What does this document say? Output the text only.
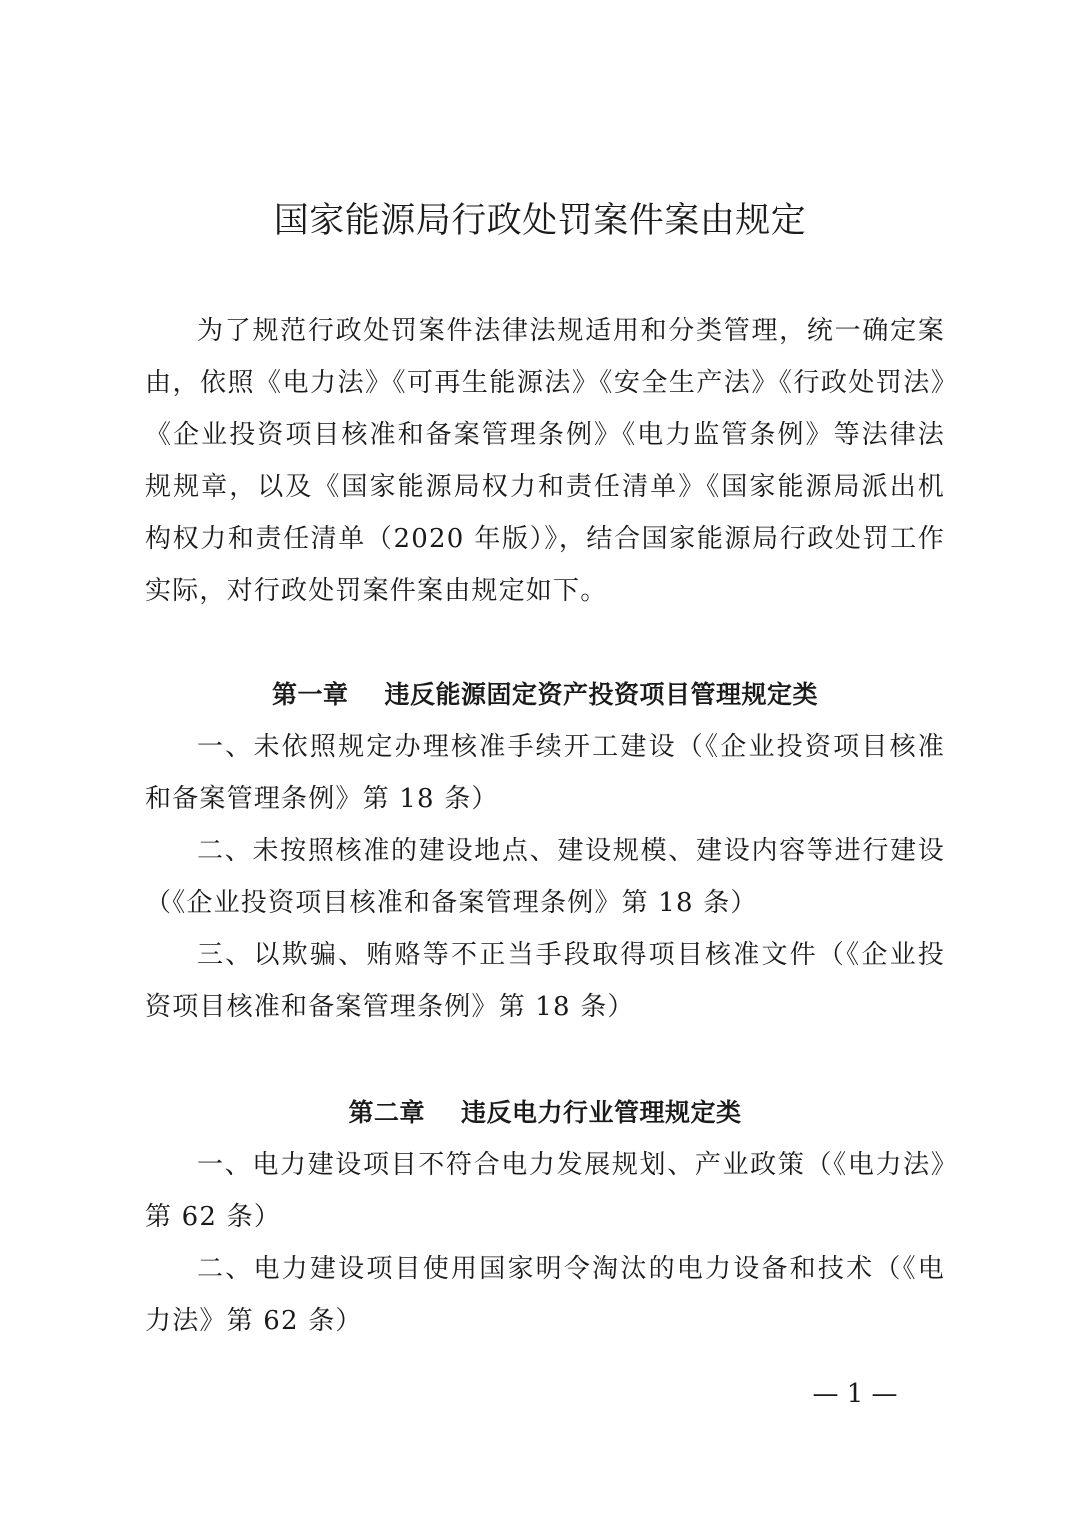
国家能源局行政处罚案件案由规定

为了规范行政处罚案件法律法规适用和分类管理，统一确定案由，依照《电力法》《可再生能源法》《安全生产法》《行政处罚法》《企业投资项目核准和备案管理条例》《电力监管条例》等法律法规规章，以及《国家能源局权力和责任清单》《国家能源局派出机构权力和责任清单（2020 年版）》，结合国家能源局行政处罚工作实际，对行政处罚案件案由规定如下。

第一章 违反能源固定资产投资项目管理规定类

一、未依照规定办理核准手续开工建设（《企业投资项目核准和备案管理条例》第 18 条）

二、未按照核准的建设地点、建设规模、建设内容等进行建设（《企业投资项目核准和备案管理条例》第 18 条）

三、以欺骗、贿赂等不正当手段取得项目核准文件（《企业投资项目核准和备案管理条例》第 18 条）

第二章 违反电力行业管理规定类

一、电力建设项目不符合电力发展规划、产业政策（《电力法》第 62 条）

二、电力建设项目使用国家明令淘汰的电力设备和技术（《电力法》第 62 条）

— 1 —
